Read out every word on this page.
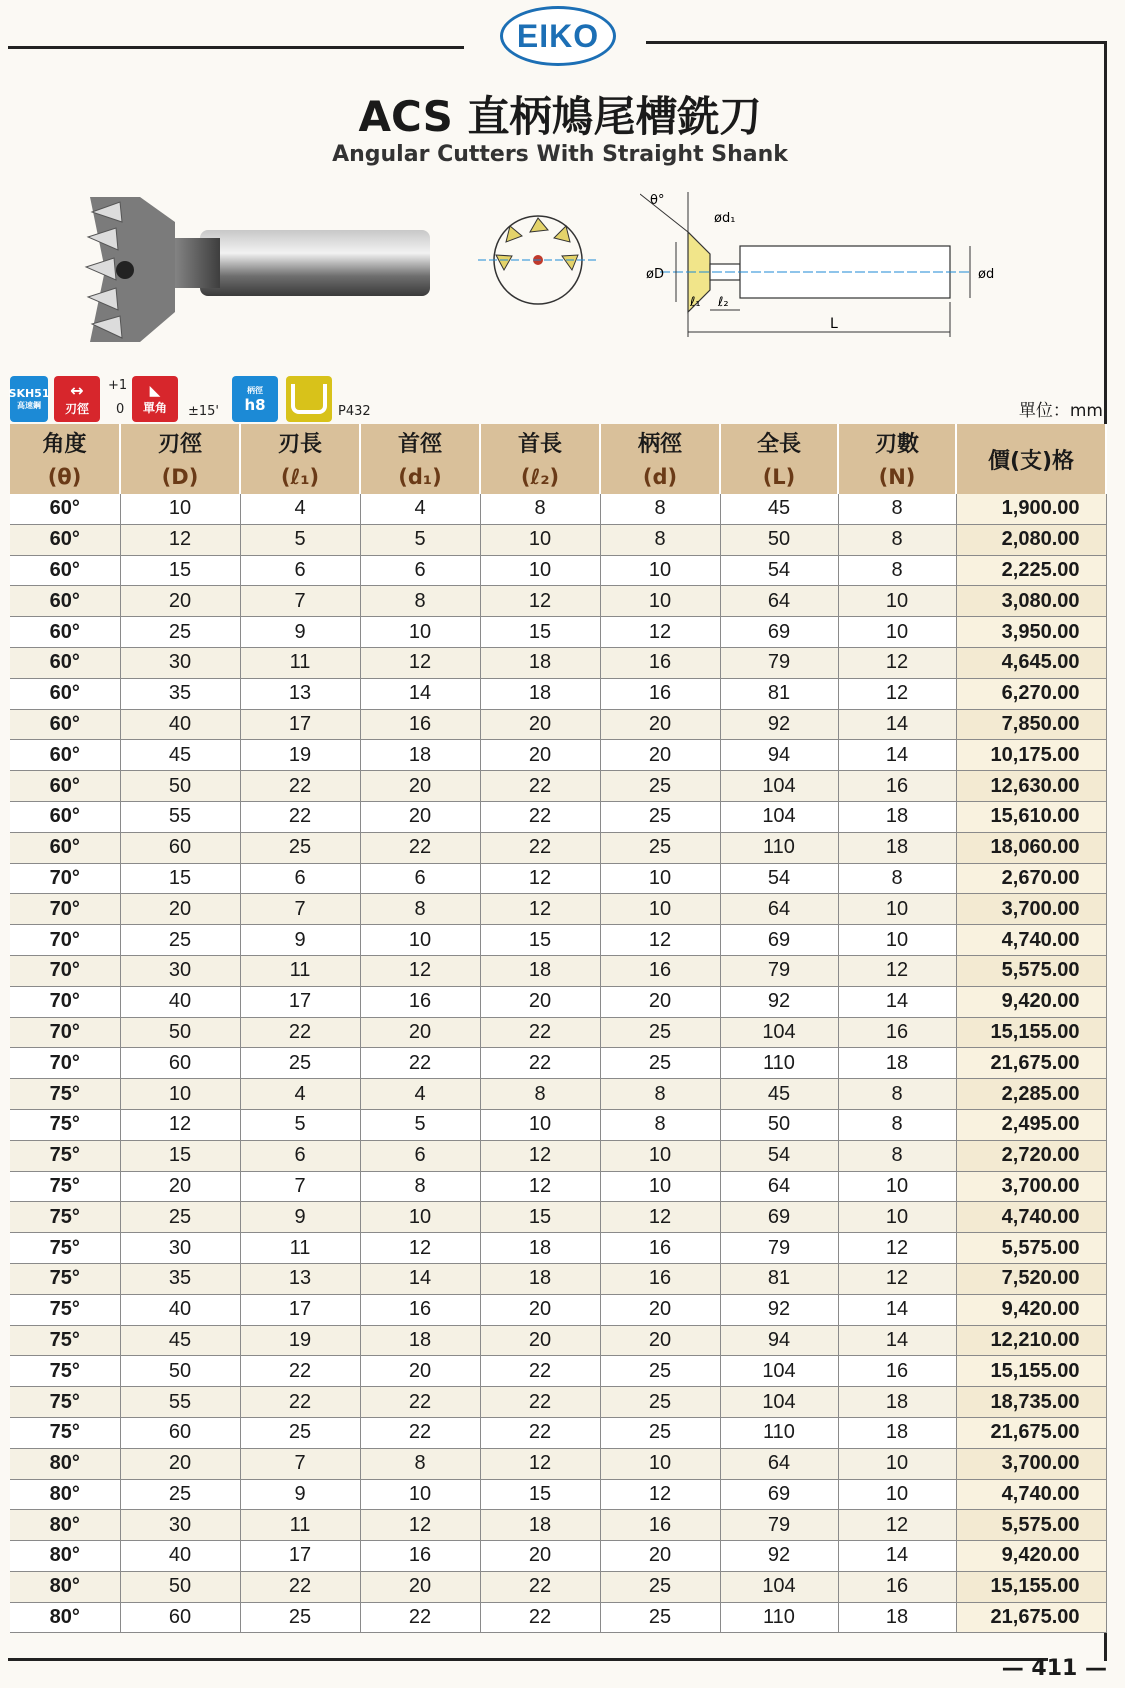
EIKO
ACS 直柄鳩尾槽銑刀
Angular Cutters With Straight Shank
θ°
ød₁
øD	ød
ℓ₁ ℓ₂
L
SKH51
高速鋼
↔
刃徑
+1
0
◣
單角 ±15'
柄徑
h8	P432	單位：mm
角度	刃徑	刃長	首徑	首長	柄徑	全長	刃數	價(支)格
(θ)	(D)	(ℓ₁)	(d₁)	(ℓ₂)	(d)	(L)	(N)	
60°	10	4	4	8	8	45	8	1,900.00
60°	12	5	5	10	8	50	8	2,080.00
60°	15	6	6	10	10	54	8	2,225.00
60°	20	7	8	12	10	64	10	3,080.00
60°	25	9	10	15	12	69	10	3,950.00
60°	30	11	12	18	16	79	12	4,645.00
60°	35	13	14	18	16	81	12	6,270.00
60°	40	17	16	20	20	92	14	7,850.00
60°	45	19	18	20	20	94	14	10,175.00
60°	50	22	20	22	25	104	16	12,630.00
60°	55	22	20	22	25	104	18	15,610.00
60°	60	25	22	22	25	110	18	18,060.00
70°	15	6	6	12	10	54	8	2,670.00
70°	20	7	8	12	10	64	10	3,700.00
70°	25	9	10	15	12	69	10	4,740.00
70°	30	11	12	18	16	79	12	5,575.00
70°	40	17	16	20	20	92	14	9,420.00
70°	50	22	20	22	25	104	16	15,155.00
70°	60	25	22	22	25	110	18	21,675.00
75°	10	4	4	8	8	45	8	2,285.00
75°	12	5	5	10	8	50	8	2,495.00
75°	15	6	6	12	10	54	8	2,720.00
75°	20	7	8	12	10	64	10	3,700.00
75°	25	9	10	15	12	69	10	4,740.00
75°	30	11	12	18	16	79	12	5,575.00
75°	35	13	14	18	16	81	12	7,520.00
75°	40	17	16	20	20	92	14	9,420.00
75°	45	19	18	20	20	94	14	12,210.00
75°	50	22	20	22	25	104	16	15,155.00
75°	55	22	22	22	25	104	18	18,735.00
75°	60	25	22	22	25	110	18	21,675.00
80°	20	7	8	12	10	64	10	3,700.00
80°	25	9	10	15	12	69	10	4,740.00
80°	30	11	12	18	16	79	12	5,575.00
80°	40	17	16	20	20	92	14	9,420.00
80°	50	22	20	22	25	104	16	15,155.00
80°	60	25	22	22	25	110	18	21,675.00
— 411 —
